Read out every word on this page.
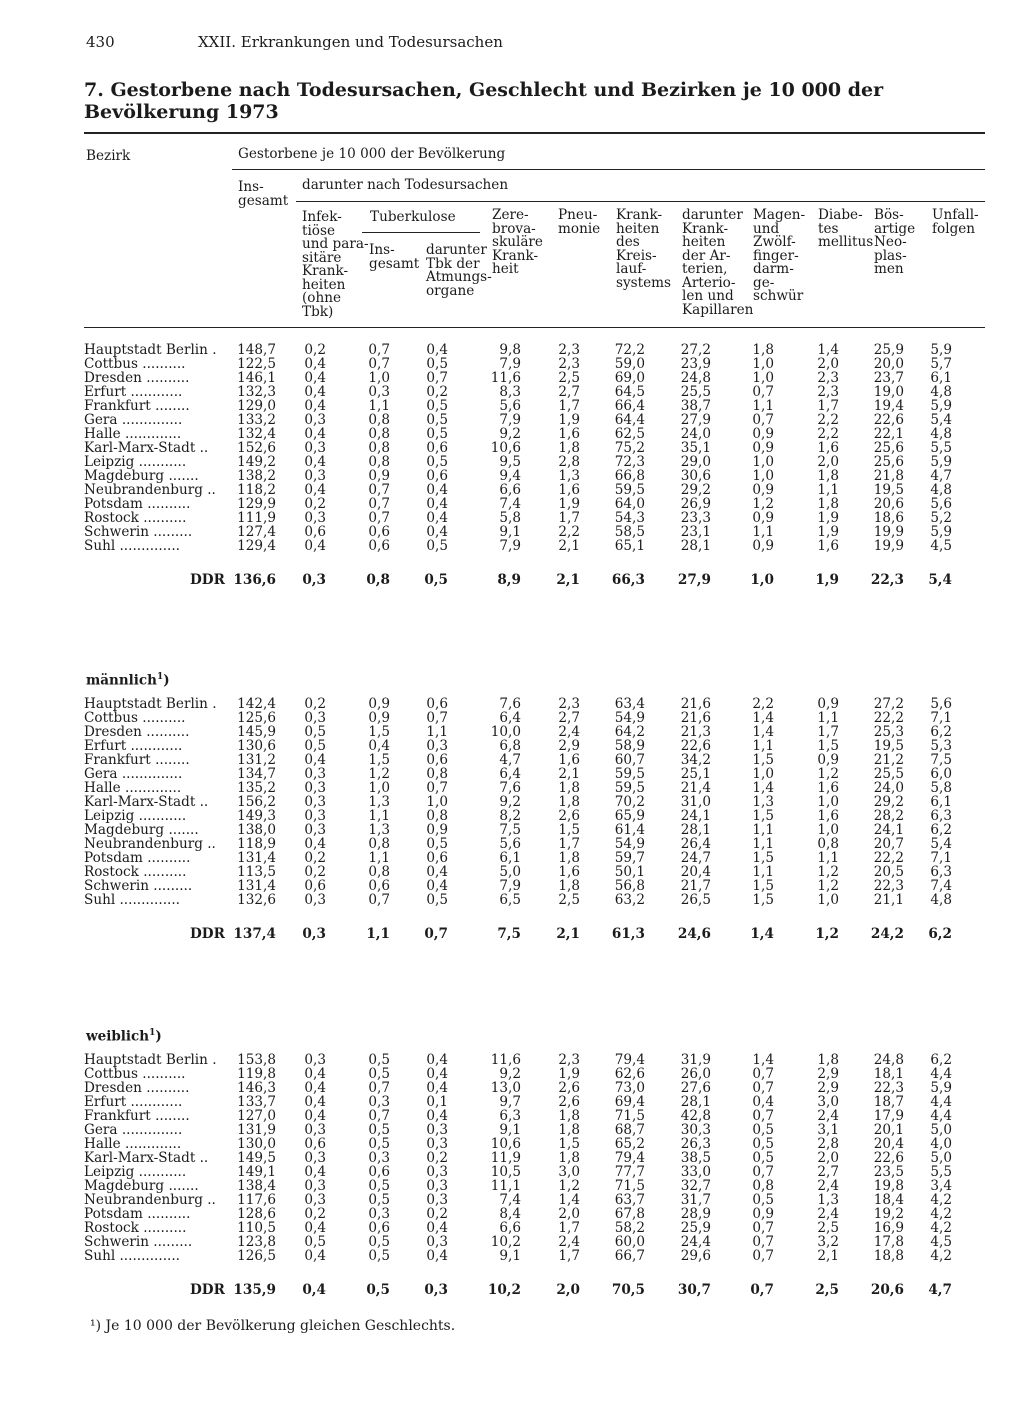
430	XXII. Erkrankungen und Todesursachen
7. Gestorbene nach Todesursachen, Geschlecht und Bezirken je 10 000 der Bevölkerung 1973
Bezirk	Gestorbene je 10 000 der Bevölkerung
Ins-
gesamt
darunter nach Todesursachen
Infek-
tiöse
und para-
sitäre
Krank-
heiten
(ohne
Tbk)
Tuberkulose
Ins-
gesamt
darunter
Tbk der
Atmungs-
organe
Zere-
brova-
skuläre
Krank-
heit
Pneu-
monie
Krank-
heiten
des
Kreis-
lauf-
systems
darunter
Krank-
heiten
der Ar-
terien,
Arterio-
len und
Kapillaren
Magen-
und
Zwölf-
finger-
darm-
ge-
schwür
Diabe-
tes
mellitus
Bös-
artige
Neo-
plas-
men
Unfall-
folgen
männlich$^1$)
weiblich$^1$)
Hauptstadt Berlin .	148,7	0,2	0,7	0,4	9,8	2,3	72,2	27,2	1,8	1,4	25,9	5,9
Cottbus ..........	122,5	0,4	0,7	0,5	7,9	2,3	59,0	23,9	1,0	2,0	20,0	5,7
Dresden ..........	146,1	0,4	1,0	0,7	11,6	2,5	69,0	24,8	1,0	2,3	23,7	6,1
Erfurt ............	132,3	0,4	0,3	0,2	8,3	2,7	64,5	25,5	0,7	2,3	19,0	4,8
Frankfurt ........	129,0	0,4	1,1	0,5	5,6	1,7	66,4	38,7	1,1	1,7	19,4	5,9
Gera ..............	133,2	0,3	0,8	0,5	7,9	1,9	64,4	27,9	0,7	2,2	22,6	5,4
Halle .............	132,4	0,4	0,8	0,5	9,2	1,6	62,5	24,0	0,9	2,2	22,1	4,8
Karl-Marx-Stadt ..	152,6	0,3	0,8	0,6	10,6	1,8	75,2	35,1	0,9	1,6	25,6	5,5
Leipzig ...........	149,2	0,4	0,8	0,5	9,5	2,8	72,3	29,0	1,0	2,0	25,6	5,9
Magdeburg .......	138,2	0,3	0,9	0,6	9,4	1,3	66,8	30,6	1,0	1,8	21,8	4,7
Neubrandenburg ..	118,2	0,4	0,7	0,4	6,6	1,6	59,5	29,2	0,9	1,1	19,5	4,8
Potsdam ..........	129,9	0,2	0,7	0,4	7,4	1,9	64,0	26,9	1,2	1,8	20,6	5,6
Rostock ..........	111,9	0,3	0,7	0,4	5,8	1,7	54,3	23,3	0,9	1,9	18,6	5,2
Schwerin .........	127,4	0,6	0,6	0,4	9,1	2,2	58,5	23,1	1,1	1,9	19,9	5,9
Suhl ..............	129,4	0,4	0,6	0,5	7,9	2,1	65,1	28,1	0,9	1,6	19,9	4,5
DDR 136,6	0,3	0,8	0,5	8,9	2,1	66,3	27,9	1,0	1,9	22,3	5,4
Hauptstadt Berlin .	142,4	0,2	0,9	0,6	7,6	2,3	63,4	21,6	2,2	0,9	27,2	5,6
Cottbus ..........	125,6	0,3	0,9	0,7	6,4	2,7	54,9	21,6	1,4	1,1	22,2	7,1
Dresden ..........	145,9	0,5	1,5	1,1	10,0	2,4	64,2	21,3	1,4	1,7	25,3	6,2
Erfurt ............	130,6	0,5	0,4	0,3	6,8	2,9	58,9	22,6	1,1	1,5	19,5	5,3
Frankfurt ........	131,2	0,4	1,5	0,6	4,7	1,6	60,7	34,2	1,5	0,9	21,2	7,5
Gera ..............	134,7	0,3	1,2	0,8	6,4	2,1	59,5	25,1	1,0	1,2	25,5	6,0
Halle .............	135,2	0,3	1,0	0,7	7,6	1,8	59,5	21,4	1,4	1,6	24,0	5,8
Karl-Marx-Stadt ..	156,2	0,3	1,3	1,0	9,2	1,8	70,2	31,0	1,3	1,0	29,2	6,1
Leipzig ...........	149,3	0,3	1,1	0,8	8,2	2,6	65,9	24,1	1,5	1,6	28,2	6,3
Magdeburg .......	138,0	0,3	1,3	0,9	7,5	1,5	61,4	28,1	1,1	1,0	24,1	6,2
Neubrandenburg ..	118,9	0,4	0,8	0,5	5,6	1,7	54,9	26,4	1,1	0,8	20,7	5,4
Potsdam ..........	131,4	0,2	1,1	0,6	6,1	1,8	59,7	24,7	1,5	1,1	22,2	7,1
Rostock ..........	113,5	0,2	0,8	0,4	5,0	1,6	50,1	20,4	1,1	1,2	20,5	6,3
Schwerin .........	131,4	0,6	0,6	0,4	7,9	1,8	56,8	21,7	1,5	1,2	22,3	7,4
Suhl ..............	132,6	0,3	0,7	0,5	6,5	2,5	63,2	26,5	1,5	1,0	21,1	4,8
DDR 137,4	0,3	1,1	0,7	7,5	2,1	61,3	24,6	1,4	1,2	24,2	6,2
Hauptstadt Berlin .	153,8	0,3	0,5	0,4	11,6	2,3	79,4	31,9	1,4	1,8	24,8	6,2
Cottbus ..........	119,8	0,4	0,5	0,4	9,2	1,9	62,6	26,0	0,7	2,9	18,1	4,4
Dresden ..........	146,3	0,4	0,7	0,4	13,0	2,6	73,0	27,6	0,7	2,9	22,3	5,9
Erfurt ............	133,7	0,4	0,3	0,1	9,7	2,6	69,4	28,1	0,4	3,0	18,7	4,4
Frankfurt ........	127,0	0,4	0,7	0,4	6,3	1,8	71,5	42,8	0,7	2,4	17,9	4,4
Gera ..............	131,9	0,3	0,5	0,3	9,1	1,8	68,7	30,3	0,5	3,1	20,1	5,0
Halle .............	130,0	0,6	0,5	0,3	10,6	1,5	65,2	26,3	0,5	2,8	20,4	4,0
Karl-Marx-Stadt ..	149,5	0,3	0,3	0,2	11,9	1,8	79,4	38,5	0,5	2,0	22,6	5,0
Leipzig ...........	149,1	0,4	0,6	0,3	10,5	3,0	77,7	33,0	0,7	2,7	23,5	5,5
Magdeburg .......	138,4	0,3	0,5	0,3	11,1	1,2	71,5	32,7	0,8	2,4	19,8	3,4
Neubrandenburg ..	117,6	0,3	0,5	0,3	7,4	1,4	63,7	31,7	0,5	1,3	18,4	4,2
Potsdam ..........	128,6	0,2	0,3	0,2	8,4	2,0	67,8	28,9	0,9	2,4	19,2	4,2
Rostock ..........	110,5	0,4	0,6	0,4	6,6	1,7	58,2	25,9	0,7	2,5	16,9	4,2
Schwerin .........	123,8	0,5	0,5	0,3	10,2	2,4	60,0	24,4	0,7	3,2	17,8	4,5
Suhl ..............	126,5	0,4	0,5	0,4	9,1	1,7	66,7	29,6	0,7	2,1	18,8	4,2
DDR 135,9	0,4	0,5	0,3	10,2	2,0	70,5	30,7	0,7	2,5	20,6	4,7
¹) Je 10 000 der Bevölkerung gleichen Geschlechts.
